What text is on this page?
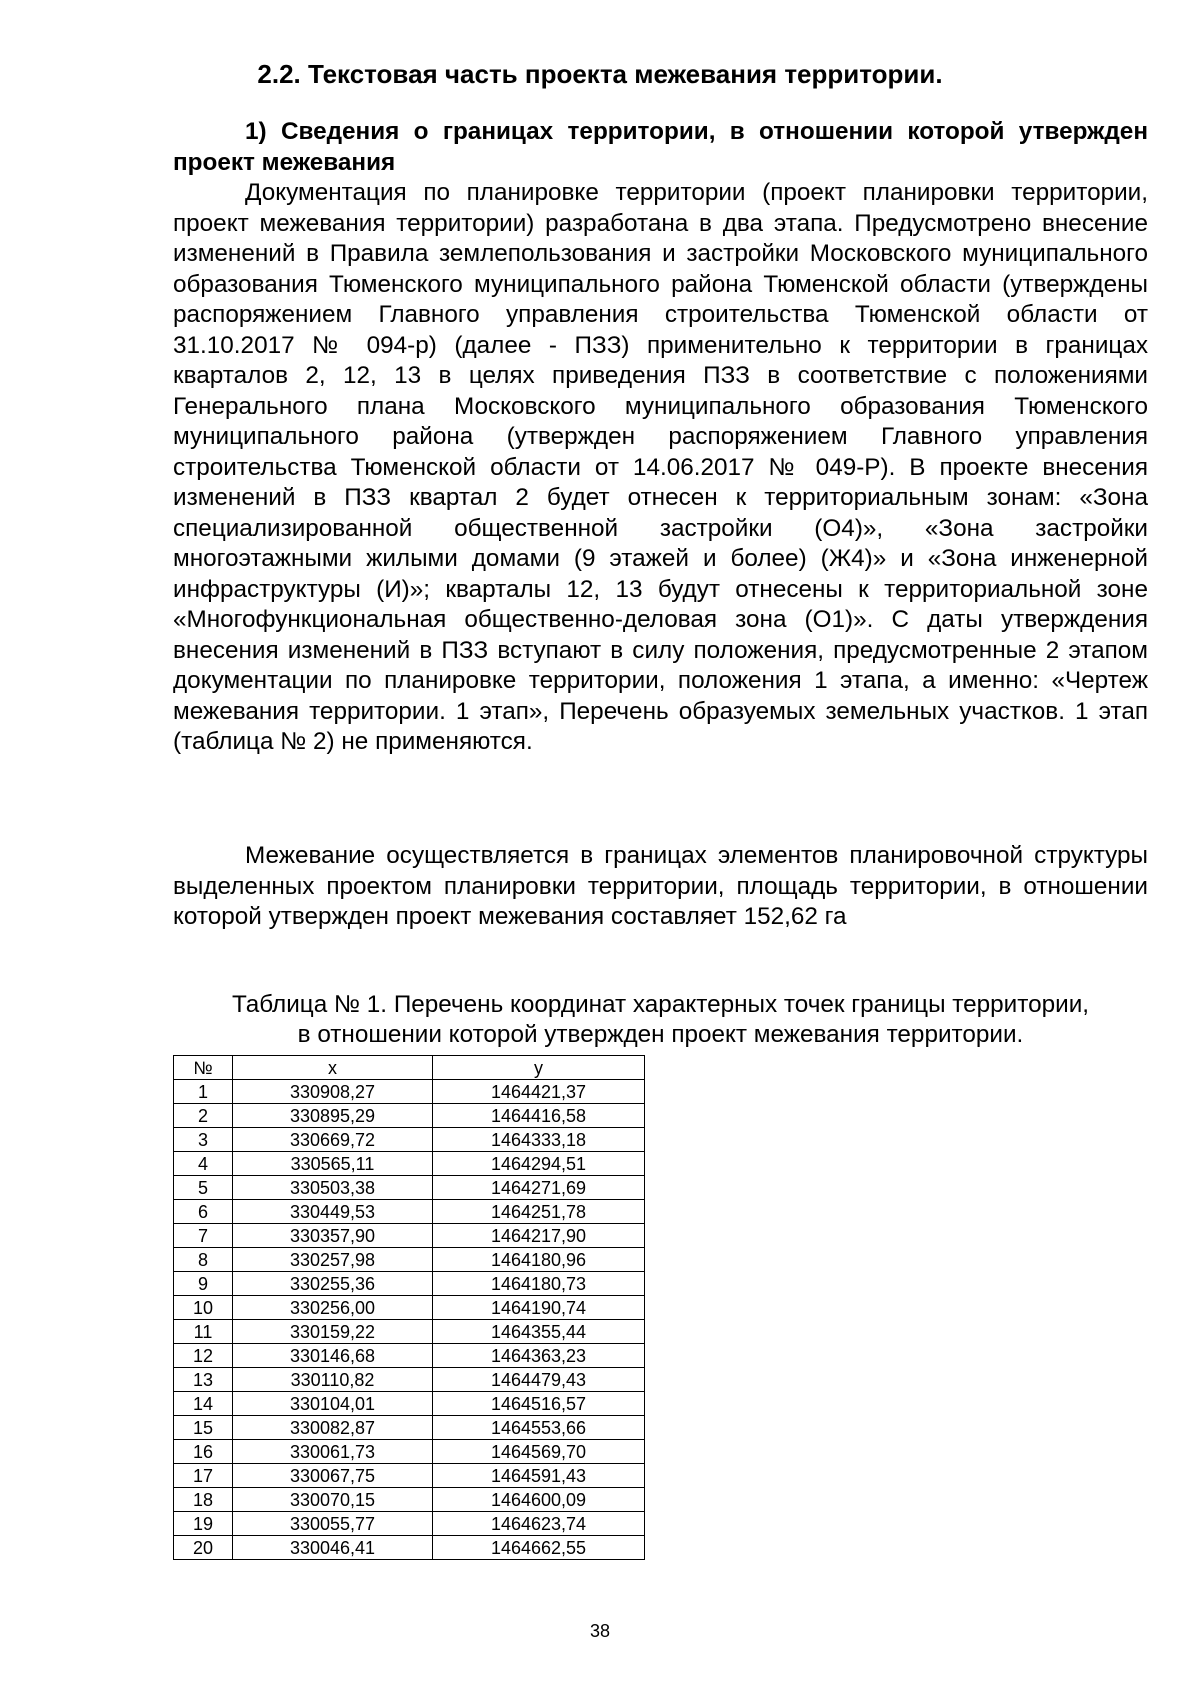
2.2. Текстовая часть проекта межевания территории.
1) Сведения о границах территории, в отношении которой утвержден проект межевания
Документация по планировке территории (проект планировки территории, проект межевания территории) разработана в два этапа. Предусмотрено внесение изменений в Правила землепользования и застройки Московского муниципального образования Тюменского муниципального района Тюменской области (утверждены распоряжением Главного управления строительства Тюменской области от 31.10.2017 № 094-р) (далее - ПЗЗ) применительно к территории в границах кварталов 2, 12, 13 в целях приведения ПЗЗ в соответствие с положениями Генерального плана Московского муниципального образования Тюменского муниципального района (утвержден распоряжением Главного управления строительства Тюменской области от 14.06.2017 № 049-Р). В проекте внесения изменений в ПЗЗ квартал 2 будет отнесен к территориальным зонам: «Зона специализированной общественной застройки (О4)», «Зона застройки многоэтажными жилыми домами (9 этажей и более) (Ж4)» и «Зона инженерной инфраструктуры (И)»; кварталы 12, 13 будут отнесены к территориальной зоне «Многофункциональная общественно-деловая зона (О1)». С даты утверждения внесения изменений в ПЗЗ вступают в силу положения, предусмотренные 2 этапом документации по планировке территории, положения 1 этапа, а именно: «Чертеж межевания территории. 1 этап», Перечень образуемых земельных участков. 1 этап (таблица № 2) не применяются.
Межевание осуществляется в границах элементов планировочной структуры выделенных проектом планировки территории, площадь территории, в отношении которой утвержден проект межевания составляет 152,62 га
Таблица № 1. Перечень координат характерных точек границы территории,
в отношении которой утвержден проект межевания территории.
№	x	y
1	330908,27	1464421,37
2	330895,29	1464416,58
3	330669,72	1464333,18
4	330565,11	1464294,51
5	330503,38	1464271,69
6	330449,53	1464251,78
7	330357,90	1464217,90
8	330257,98	1464180,96
9	330255,36	1464180,73
10	330256,00	1464190,74
11	330159,22	1464355,44
12	330146,68	1464363,23
13	330110,82	1464479,43
14	330104,01	1464516,57
15	330082,87	1464553,66
16	330061,73	1464569,70
17	330067,75	1464591,43
18	330070,15	1464600,09
19	330055,77	1464623,74
20	330046,41	1464662,55
38
